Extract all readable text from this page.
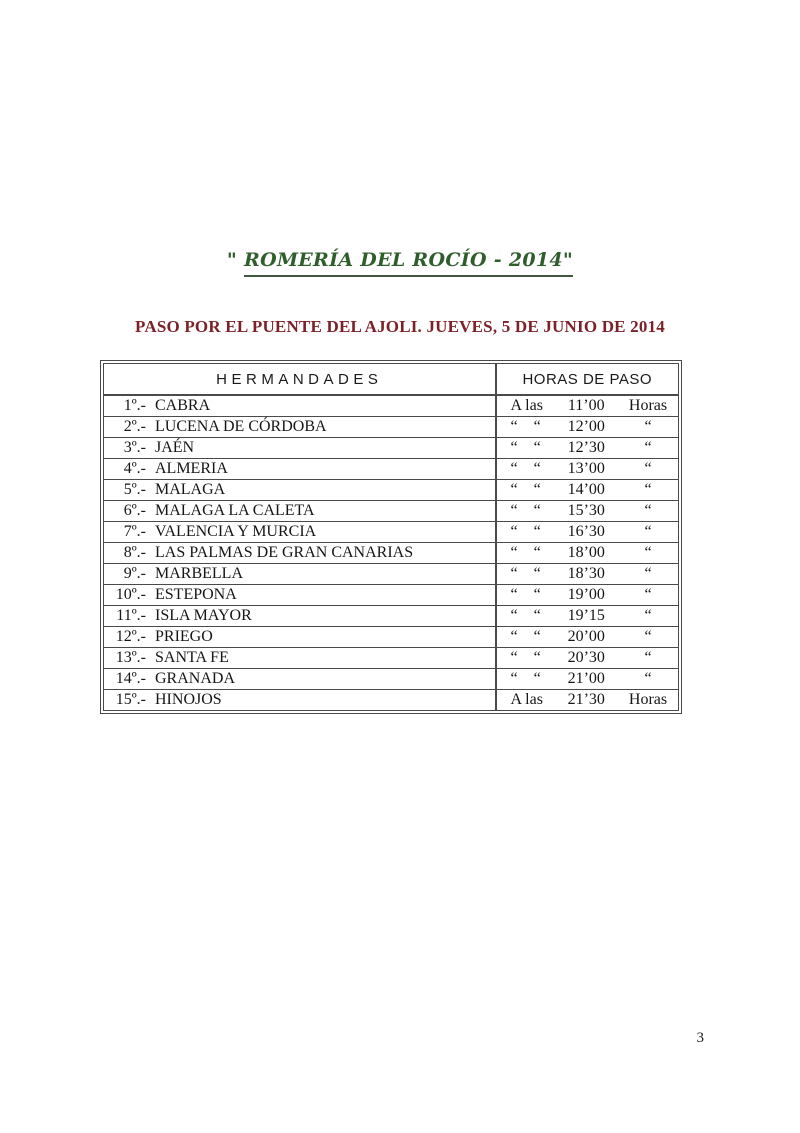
" ROMERÍA DEL ROCÍO - 2014"
PASO POR EL PUENTE DEL AJOLI. JUEVES, 5 DE JUNIO DE 2014
HERMANDADES	HORAS DE PASO
1º.- CABRA	A las 11’00 Horas

2º.- LUCENA DE CÓRDOBA	“ “ 12’00 “

3º.- JAÉN	“ “ 12’30 “

4º.- ALMERIA	“ “ 13’00 “

5º.- MALAGA	“ “ 14’00 “

6º.- MALAGA LA CALETA	“ “ 15’30 “

7º.- VALENCIA Y MURCIA	“ “ 16’30 “

8º.- LAS PALMAS DE GRAN CANARIAS	“ “ 18’00 “

9º.- MARBELLA	“ “ 18’30 “

10º.- ESTEPONA	“ “ 19’00 “

11º.- ISLA MAYOR	“ “ 19’15 “

12º.- PRIEGO	“ “ 20’00 “

13º.- SANTA FE	“ “ 20’30 “

14º.- GRANADA	“ “ 21’00 “

15º.- HINOJOS	A las 21’30 Horas
3
